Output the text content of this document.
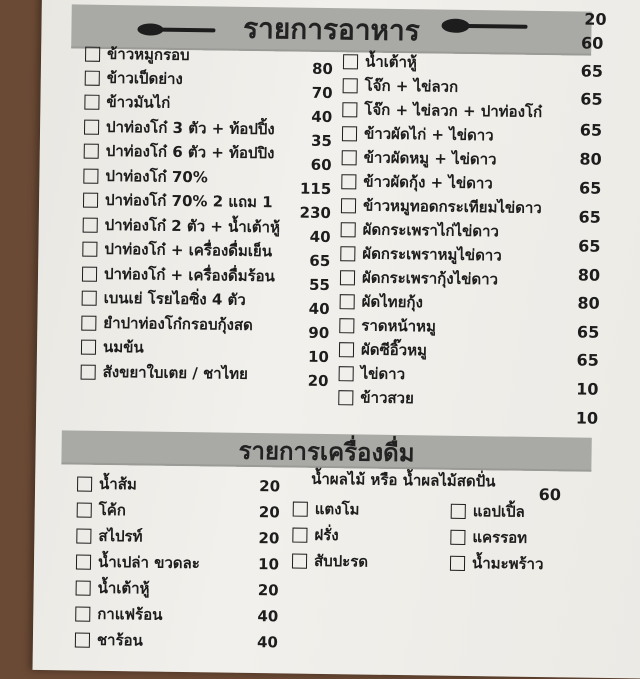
รายการอาหาร	20
ข้าวหมูกรอบ
ข้าวเป็ดย่าง
ข้าวมันไก่
ปาท่องโก๋ 3 ตัว + ท้อปปิ้ง
ปาท่องโก๋ 6 ตัว + ท้อปปิง
ปาท่องโก๋ 70%
ปาท่องโก๋ 70% 2 แถม 1
ปาท่องโก๋ 2 ตัว + น้ำเต้าหู้
ปาท่องโก๋ + เครื่องดื่มเย็น
ปาท่องโก๋ + เครื่องดื่มร้อน
เบนเย่ โรยไอซิ่ง 4 ตัว
ยำปาท่องโก๋กรอบกุ้งสด
นมข้น
สังขยาใบเตย / ชาไทย
80
70
40
35
60
115
230
40
65
55
40
90
10
20
น้ำเต้าหู้
โจ๊ก + ไข่ลวก
โจ๊ก + ไข่ลวก + ปาท่องโก๋
ข้าวผัดไก่ + ไข่ดาว
ข้าวผัดหมู + ไข่ดาว
ข้าวผัดกุ้ง + ไข่ดาว
ข้าวหมูทอดกระเทียมไข่ดาว
ผัดกระเพราไก่ไข่ดาว
ผัดกระเพราหมูไข่ดาว
ผัดกระเพรากุ้งไข่ดาว
ผัดไทยกุ้ง
ราดหน้าหมู
ผัดซีอิ๊วหมู
ไข่ดาว
ข้าวสวย
60
65
65
65
80
65
65
65
80
80
65
65
10
10
รายการเครื่องดื่ม
น้ำส้ม
โค้ก
สไปรท์
น้ำเปล่า ขวดละ
น้ำเต้าหู้
กาแฟร้อน
ชาร้อน
20
20
20
10
20
40
40
น้ำผลไม้ หรือ น้ำผลไม้สดปั่น
60
แตงโม
ฝรั่ง
สับปะรด
แอปเปิ้ล
แครรอท
น้ำมะพร้าว
